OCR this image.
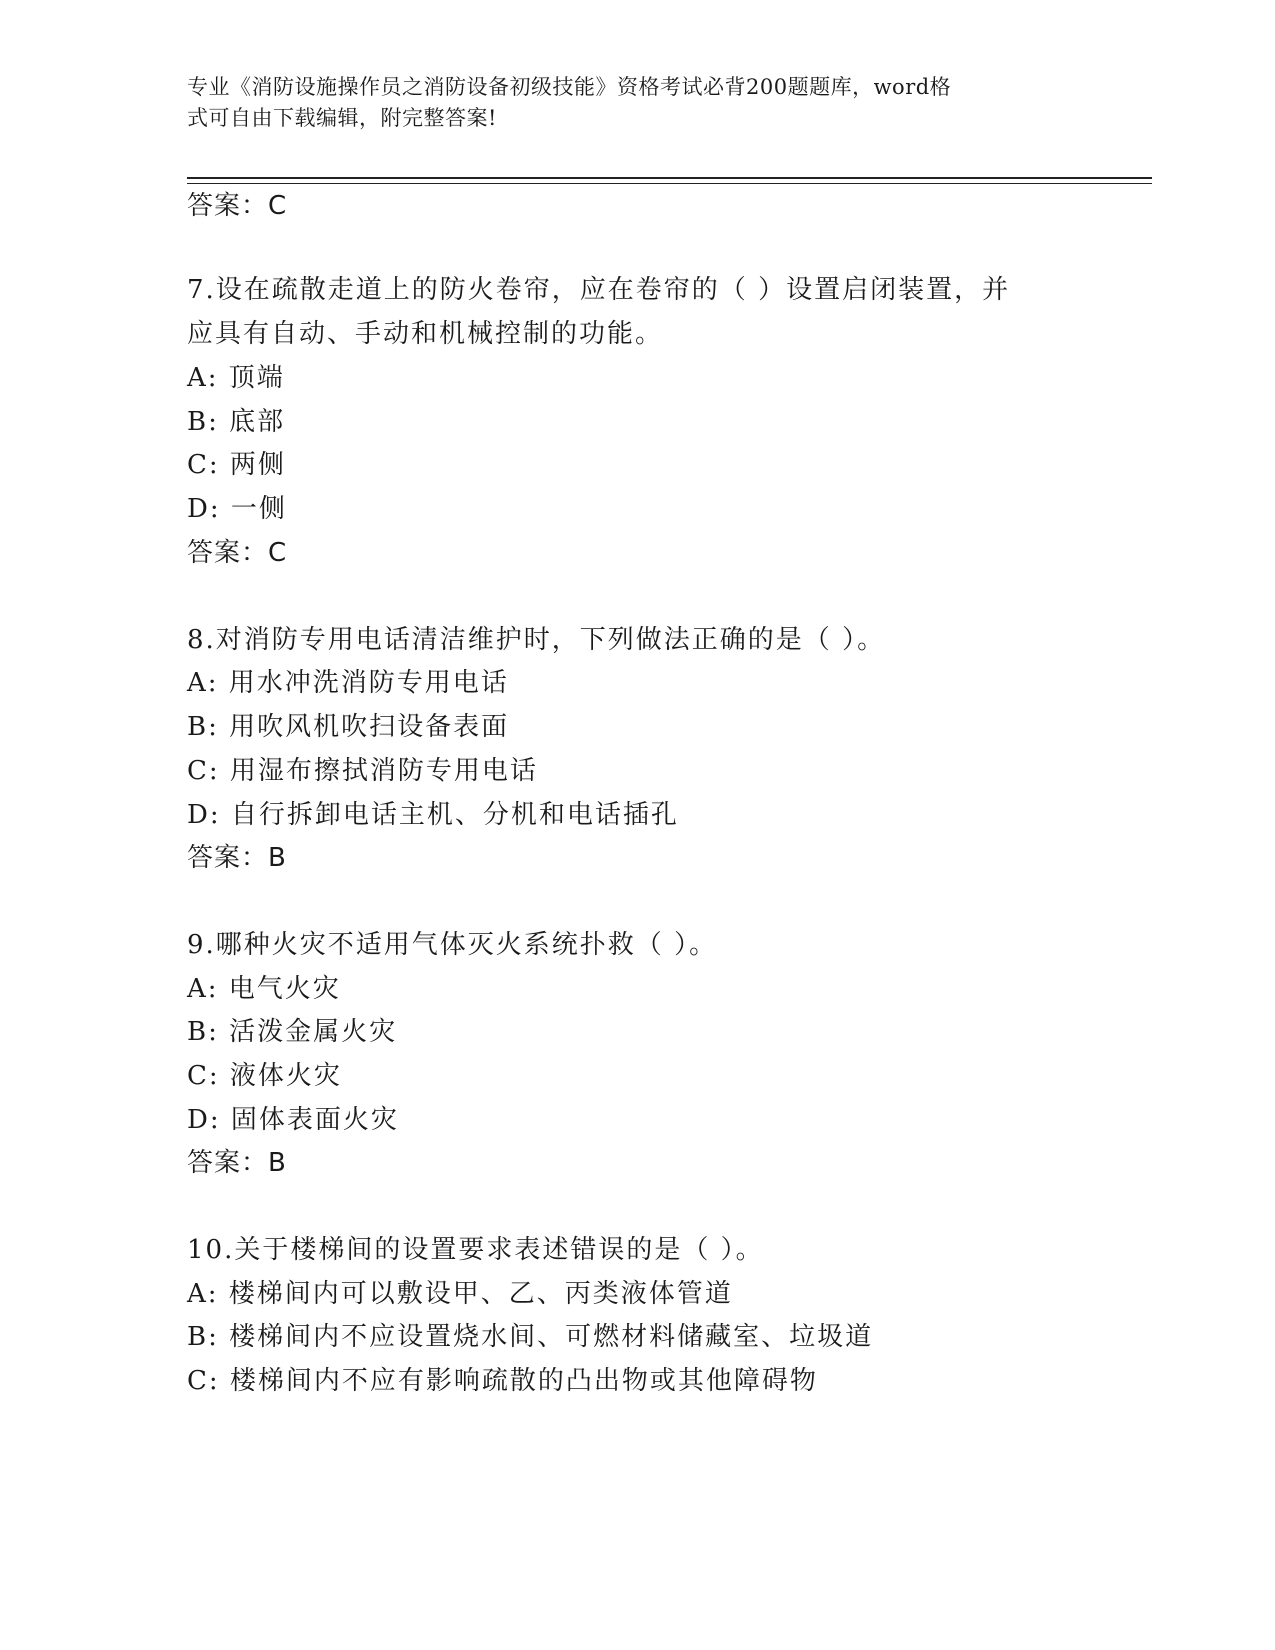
专业《消防设施操作员之消防设备初级技能》资格考试必背200题题库，word格
式可自由下载编辑，附完整答案!
答案：C
7.设在疏散走道上的防火卷帘，应在卷帘的（ ）设置启闭装置，并
应具有自动、手动和机械控制的功能。
A: 顶端
B: 底部
C: 两侧
D: 一侧
答案：C
8.对消防专用电话清洁维护时，下列做法正确的是（ ）。
A: 用水冲洗消防专用电话
B: 用吹风机吹扫设备表面
C: 用湿布擦拭消防专用电话
D: 自行拆卸电话主机、分机和电话插孔
答案：B
9.哪种火灾不适用气体灭火系统扑救（ ）。
A: 电气火灾
B: 活泼金属火灾
C: 液体火灾
D: 固体表面火灾
答案：B
10.关于楼梯间的设置要求表述错误的是（ ）。
A: 楼梯间内可以敷设甲、乙、丙类液体管道
B: 楼梯间内不应设置烧水间、可燃材料储藏室、垃圾道
C: 楼梯间内不应有影响疏散的凸出物或其他障碍物
